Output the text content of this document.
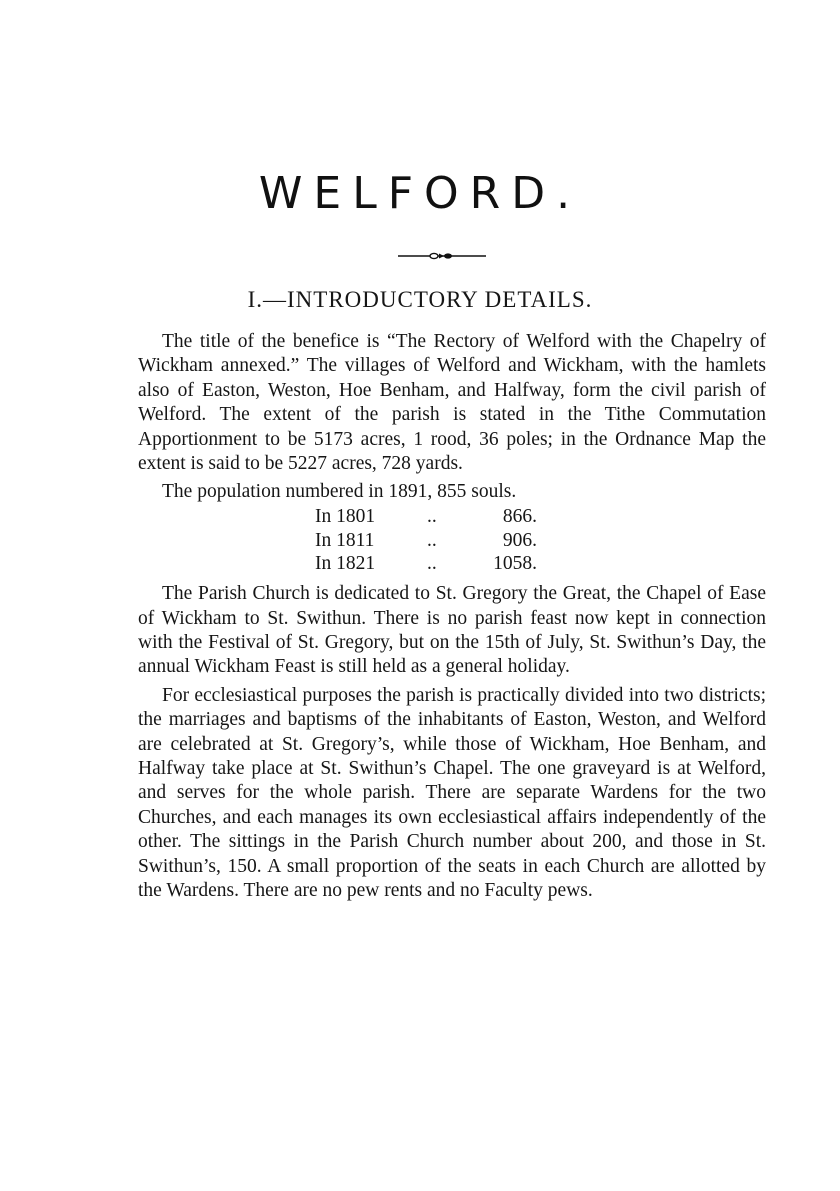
WELFORD.
I.—INTRODUCTORY DETAILS.

The title of the benefice is “The Rectory of Welford with the Chapelry of Wickham annexed.” The villages of Welford and Wickham, with the hamlets also of Easton, Weston, Hoe Benham, and Halfway, form the civil parish of Welford. The extent of the parish is stated in the Tithe Commutation Apportionment to be 5173 acres, 1 rood, 36 poles; in the Ordnance Map the extent is said to be 5227 acres, 728 yards.

The population numbered in 1891, 855 souls.

In 1801	..	866.
In 1811	..	906.
In 1821	..	1058.

The Parish Church is dedicated to St. Gregory the Great, the Chapel of Ease of Wickham to St. Swithun. There is no parish feast now kept in connection with the Festival of St. Gregory, but on the 15th of July, St. Swithun’s Day, the annual Wickham Feast is still held as a general holiday.

For ecclesiastical purposes the parish is practically divided into two districts; the marriages and baptisms of the inhabitants of Easton, Weston, and Welford are celebrated at St. Gregory’s, while those of Wickham, Hoe Benham, and Halfway take place at St. Swithun’s Chapel. The one graveyard is at Welford, and serves for the whole parish. There are separate Wardens for the two Churches, and each manages its own ecclesiastical affairs independently of the other. The sittings in the Parish Church number about 200, and those in St. Swithun’s, 150. A small proportion of the seats in each Church are allotted by the Wardens. There are no pew rents and no Faculty pews.
